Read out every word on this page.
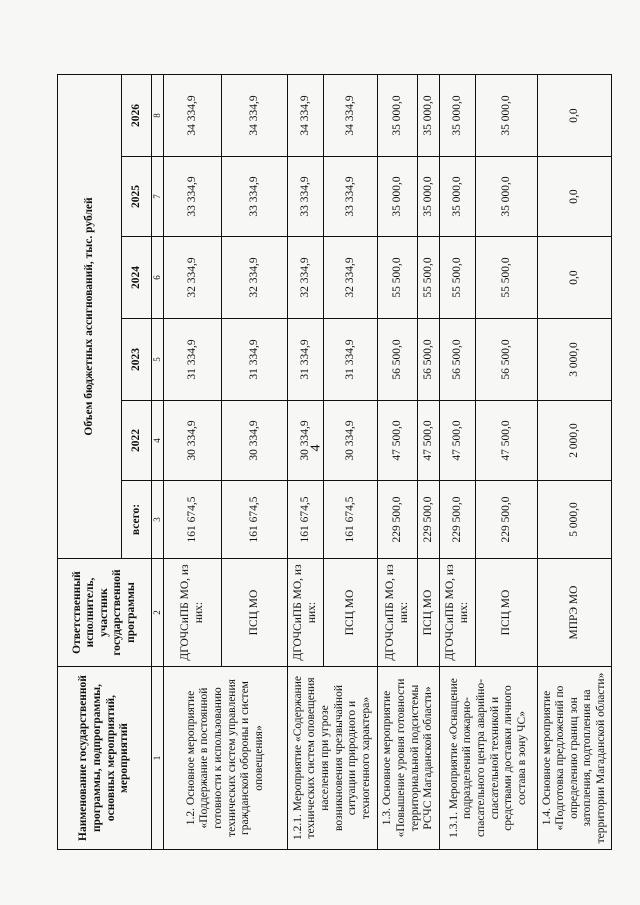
4
Наименование государственной программы, подпрограммы, основных мероприятий, мероприятий	Ответственный исполнитель, участник государственной программы	Объем бюджетных ассигнований, тыс. рублей					
		всего:	2022	2023	2024	2025	2026
1	2	3	4	5	6	7	8
1.2. Основное мероприятие «Поддержание в постоянной готовности к использованию технических систем управления гражданской обороны и систем оповещения»	ДГОЧСиПБ МО, из них:	161 674,5	30 334,9	31 334,9	32 334,9	33 334,9	34 334,9
	ПСЦ МО	161 674,5	30 334,9	31 334,9	32 334,9	33 334,9	34 334,9
1.2.1. Мероприятие «Содержание технических систем оповещения населения при угрозе возникновения чрезвычайной ситуации природного и техногенного характера»	ДГОЧСиПБ МО, из них:	161 674,5	30 334,9	31 334,9	32 334,9	33 334,9	34 334,9
	ПСЦ МО	161 674,5	30 334,9	31 334,9	32 334,9	33 334,9	34 334,9
1.3. Основное мероприятие «Повышение уровня готовности территориальной подсистемы РСЧС Магаданской области»	ДГОЧСиПБ МО, из них:	229 500,0	47 500,0	56 500,0	55 500,0	35 000,0	35 000,0
	ПСЦ МО	229 500,0	47 500,0	56 500,0	55 500,0	35 000,0	35 000,0
1.3.1. Мероприятие «Оснащение подразделений пожарно-спасательного центра аварийно-спасательной техникой и средствами доставки личного состава в зону ЧС»	ДГОЧСиПБ МО, из них:	229 500,0	47 500,0	56 500,0	55 500,0	35 000,0	35 000,0
	ПСЦ МО	229 500,0	47 500,0	56 500,0	55 500,0	35 000,0	35 000,0
1.4. Основное мероприятие «Подготовка предложений по определению границ зон затопления, подтопления на территории Магаданской области»	МПРЭ МО	5 000,0	2 000,0	3 000,0	0,0	0,0	0,0
